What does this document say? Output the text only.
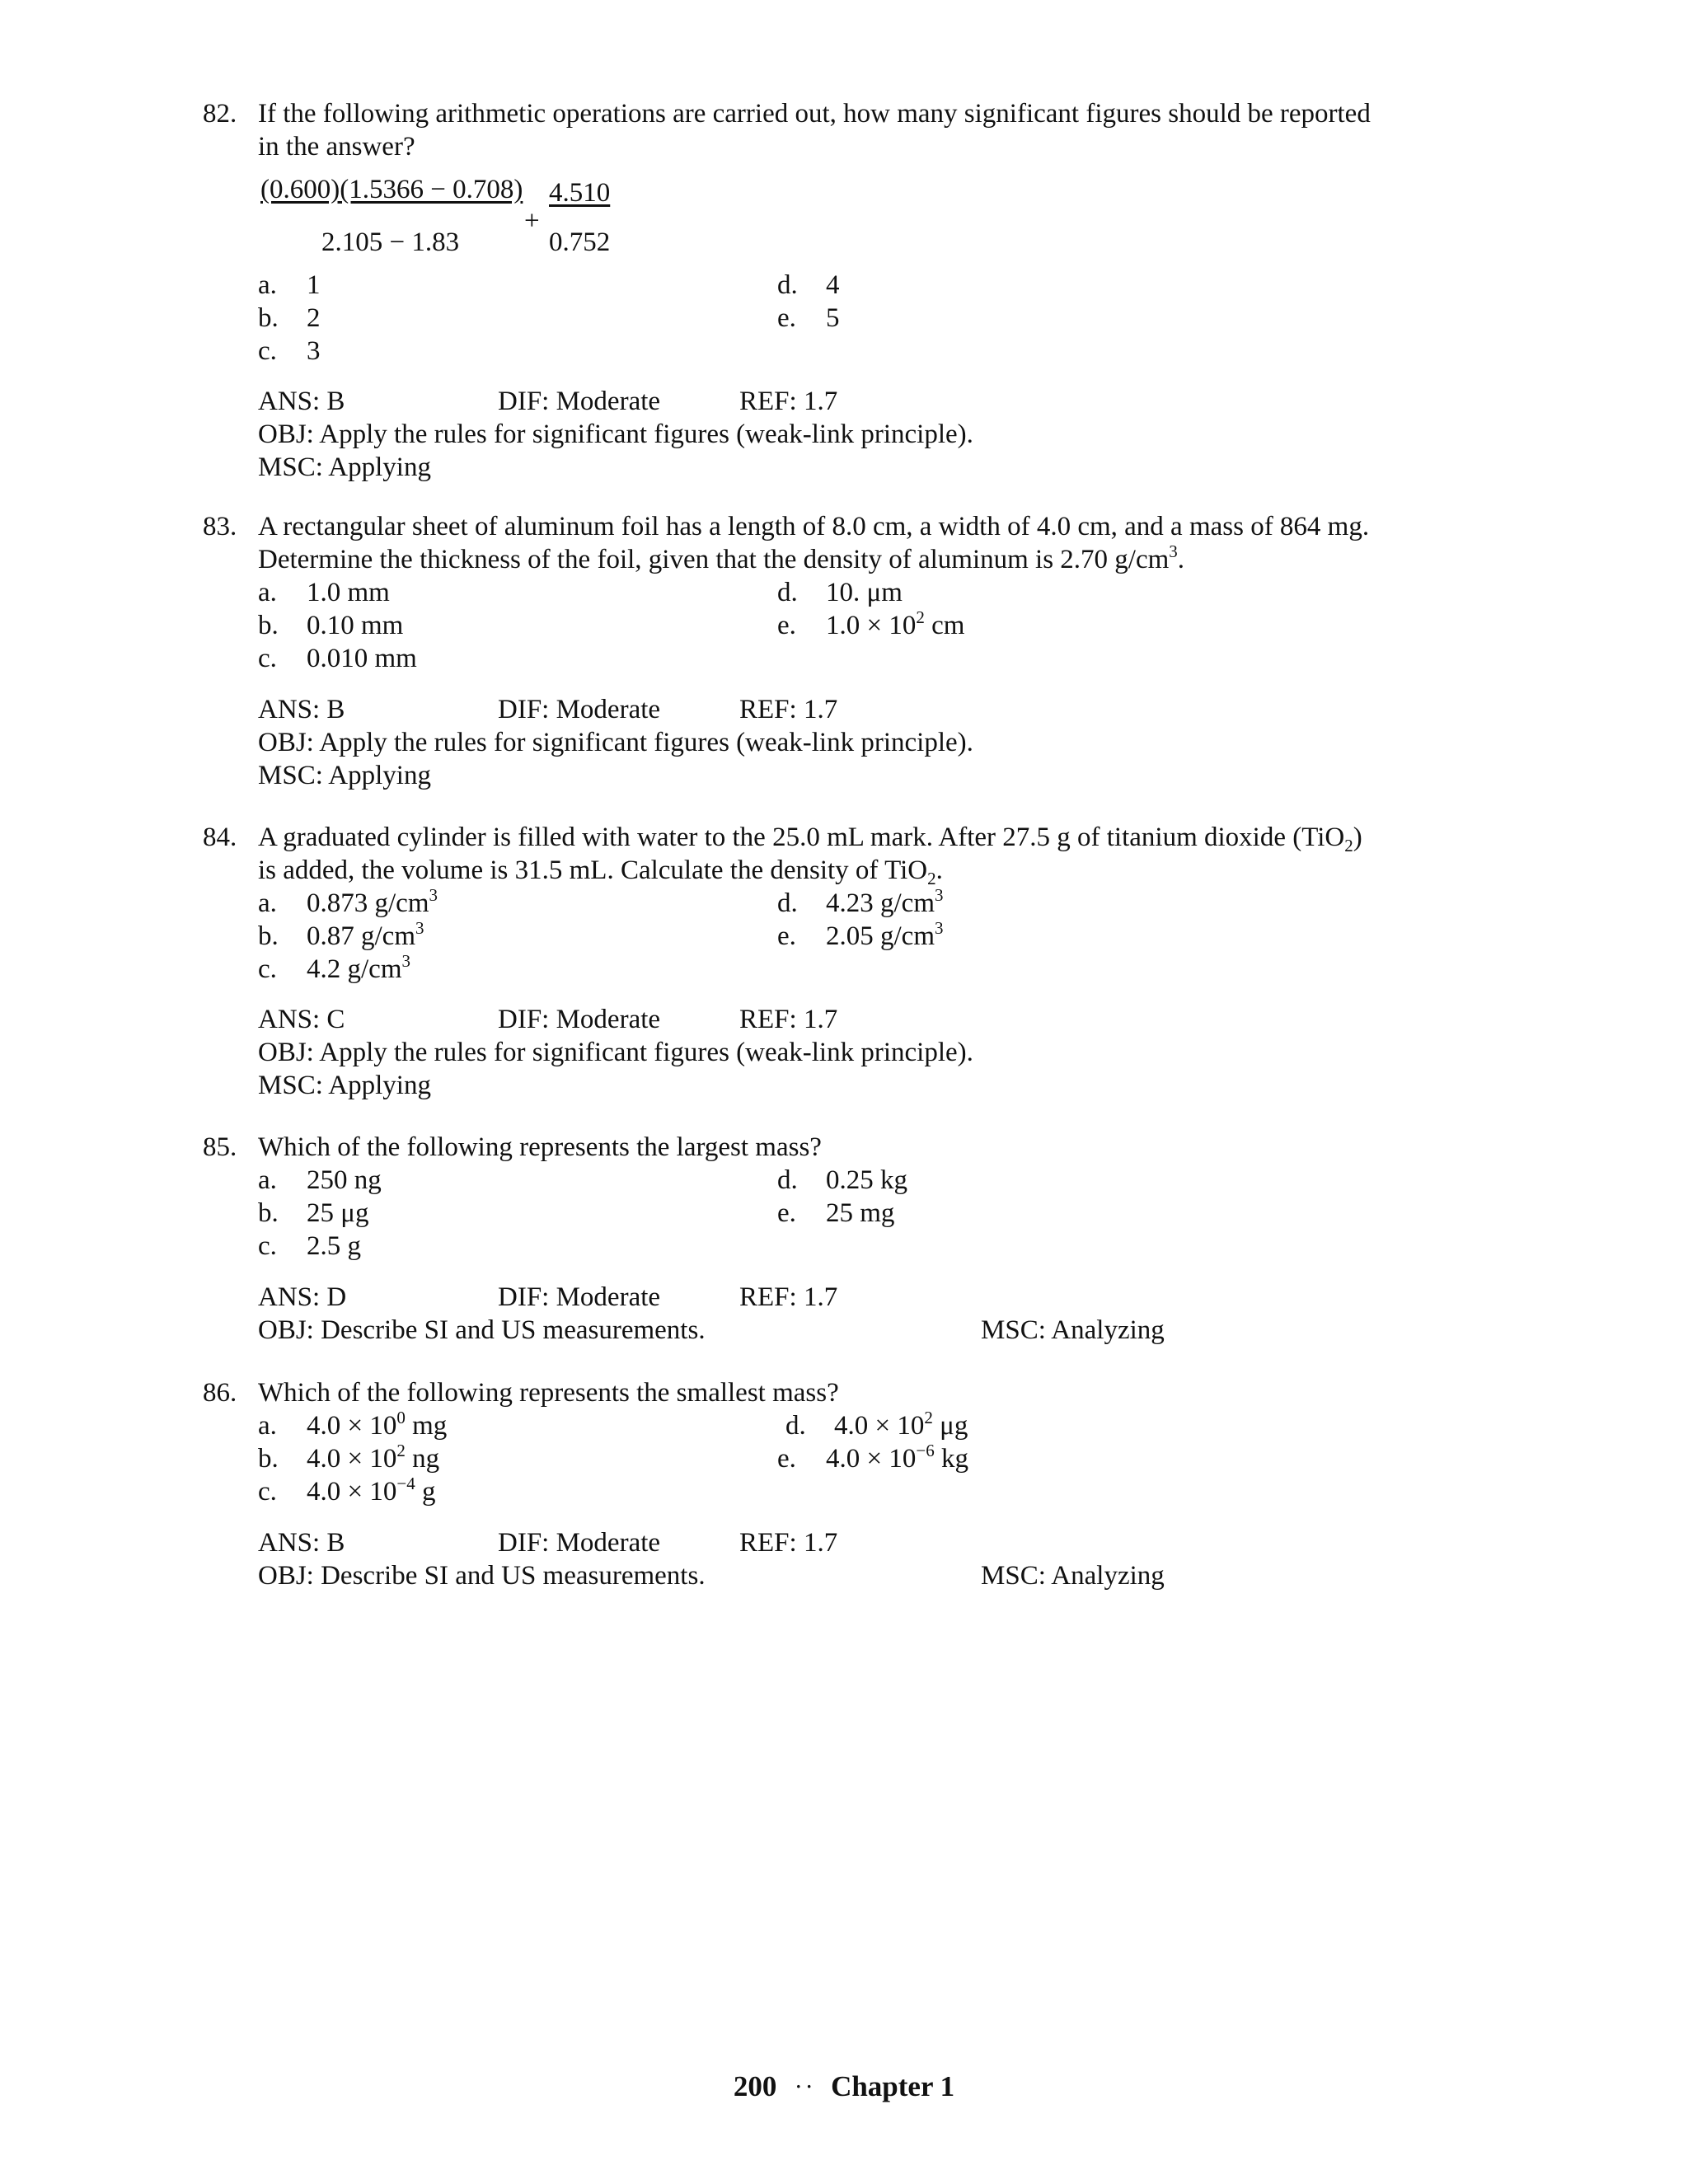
82. If the following arithmetic operations are carried out, how many significant figures should be reported
in the answer?
(0.600)(1.5366 − 0.708)
2.105 − 1.83
+
4.510
0.752
a. 1
b. 2
c. 3
d. 4
e. 5
ANS: B	DIF: Moderate	REF: 1.7
OBJ: Apply the rules for significant figures (weak-link principle).
MSC: Applying
83. A rectangular sheet of aluminum foil has a length of 8.0 cm, a width of 4.0 cm, and a mass of 864 mg.
Determine the thickness of the foil, given that the density of aluminum is 2.70 $g/cm^3$.
a. 1.0 mm
b. 0.10 mm
c. 0.010 mm
d. 10. μm
e. $1.0 \times 10^2$ cm
ANS: B	DIF: Moderate	REF: 1.7
OBJ: Apply the rules for significant figures (weak-link principle).
MSC: Applying
84. A graduated cylinder is filled with water to the 25.0 mL mark. After 27.5 g of titanium dioxide (TiO$_2$)
is added, the volume is 31.5 mL. Calculate the density of TiO$_2$.
a. 0.873 $g/cm^3$
b. 0.87 $g/cm^3$
c. 4.2 $g/cm^3$
d. 4.23 $g/cm^3$
e. 2.05 $g/cm^3$
ANS: C	DIF: Moderate	REF: 1.7
OBJ: Apply the rules for significant figures (weak-link principle).
MSC: Applying
85. Which of the following represents the largest mass?
a. 250 ng
b. 25 μg
c. 2.5 g
d. 0.25 kg
e. 25 mg
ANS: D	DIF: Moderate	REF: 1.7
OBJ: Describe SI and US measurements.	MSC: Analyzing
86. Which of the following represents the smallest mass?
a. $4.0 \times 10^0$ mg
b. $4.0 \times 10^2$ ng
c. $4.0 \times 10^{-4}$ g
d. $4.0 \times 10^2$ μg
e. $4.0 \times 10^{-6}$ kg
ANS: B	DIF: Moderate	REF: 1.7
OBJ: Describe SI and US measurements.	MSC: Analyzing
200 · · Chapter 1
